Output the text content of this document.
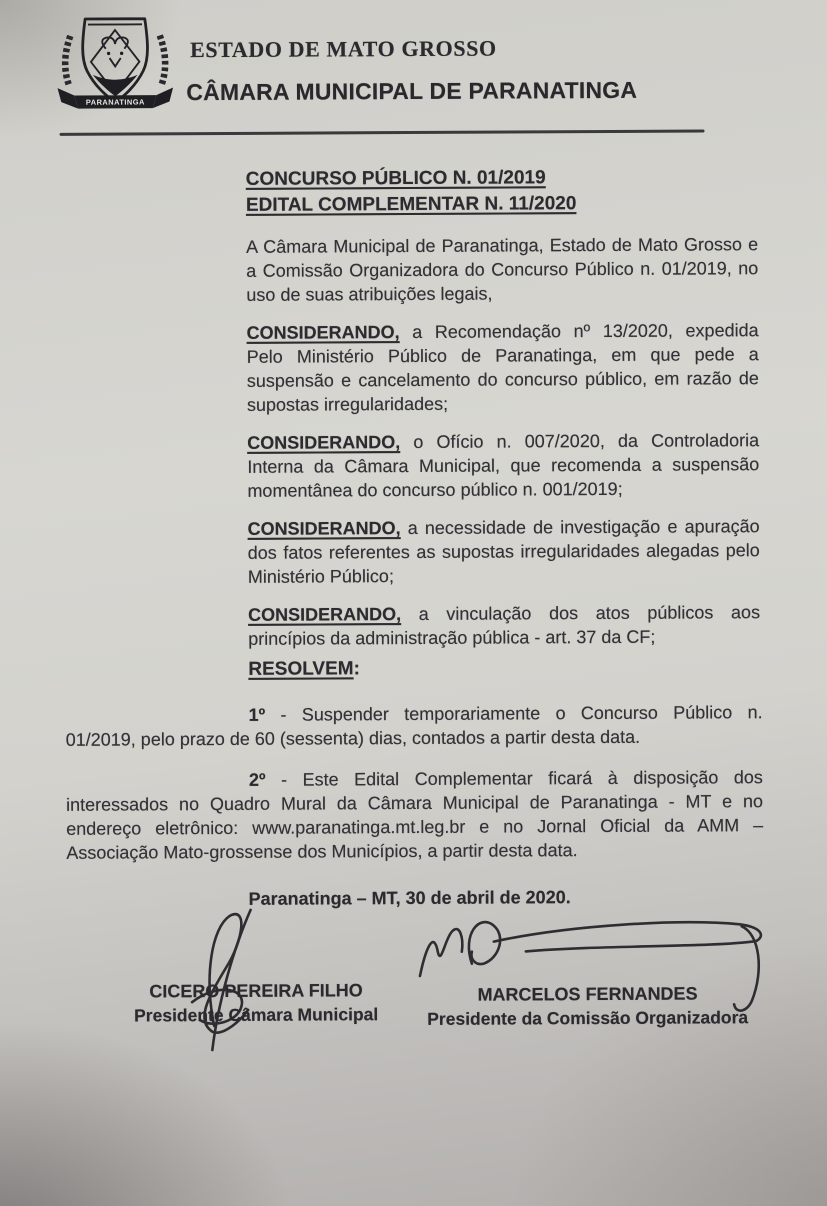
PARANATINGA
ESTADO DE MATO GROSSO
CÂMARA MUNICIPAL DE PARANATINGA
CONCURSO PÚBLICO N. 01/2019
EDITAL COMPLEMENTAR N. 11/2020

A Câmara Municipal de Paranatinga, Estado de Mato Grosso e a Comissão Organizadora do Concurso Público n. 01/2019, no uso de suas atribuições legais,

CONSIDERANDO, a Recomendação nº 13/2020, expedida Pelo Ministério Público de Paranatinga, em que pede a suspensão e cancelamento do concurso público, em razão de supostas irregularidades;

CONSIDERANDO, o Ofício n. 007/2020, da Controladoria Interna da Câmara Municipal, que recomenda a suspensão momentânea do concurso público n. 001/2019;

CONSIDERANDO, a necessidade de investigação e apuração dos fatos referentes as supostas irregularidades alegadas pelo Ministério Público;

CONSIDERANDO, a vinculação dos atos públicos aos princípios da administração pública - art. 37 da CF;

RESOLVEM:

1º - Suspender temporariamente o Concurso Público n. 01/2019, pelo prazo de 60 (sessenta) dias, contados a partir desta data.

2º - Este Edital Complementar ficará à disposição dos interessados no Quadro Mural da Câmara Municipal de Paranatinga - MT e no endereço eletrônico: www.paranatinga.mt.leg.br e no Jornal Oficial da AMM – Associação Mato-grossense dos Municípios, a partir desta data.

Paranatinga – MT, 30 de abril de 2020.
CICERO PEREIRA FILHO
Presidente Câmara Municipal
MARCELOS FERNANDES
Presidente da Comissão Organizadora
